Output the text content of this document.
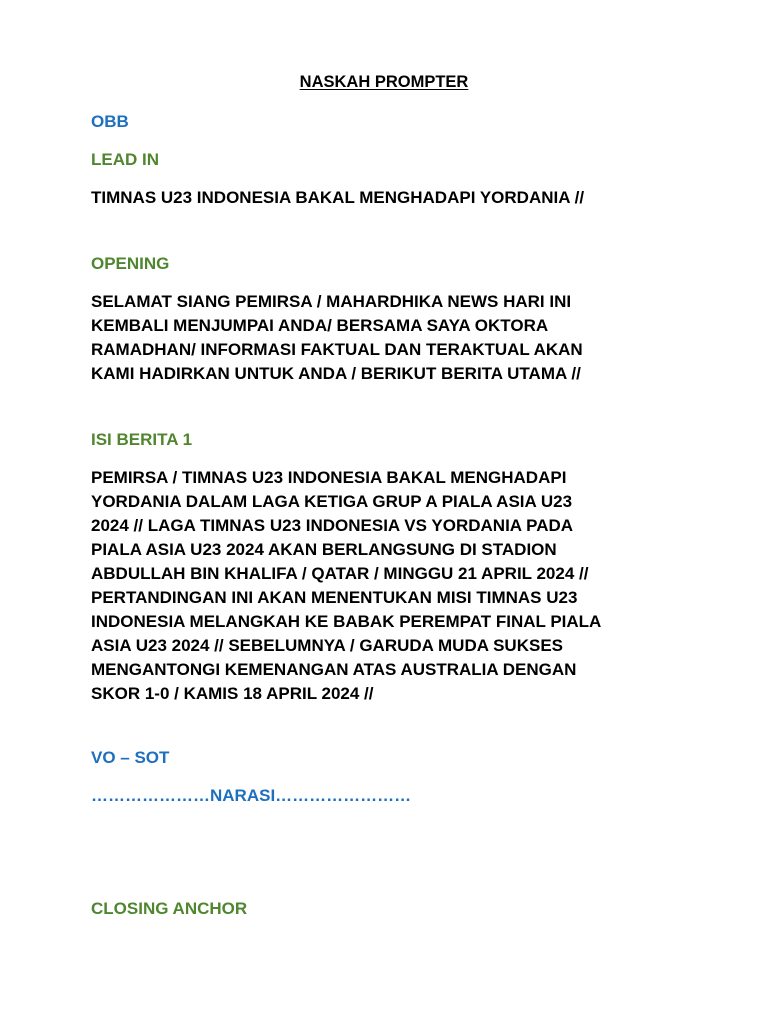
NASKAH PROMPTER
OBB
LEAD IN
TIMNAS U23 INDONESIA BAKAL MENGHADAPI YORDANIA //
OPENING
SELAMAT SIANG PEMIRSA / MAHARDHIKA NEWS HARI INI
KEMBALI MENJUMPAI ANDA/ BERSAMA SAYA OKTORA
RAMADHAN/ INFORMASI FAKTUAL DAN TERAKTUAL AKAN
KAMI HADIRKAN UNTUK ANDA / BERIKUT BERITA UTAMA //
ISI BERITA 1
PEMIRSA / TIMNAS U23 INDONESIA BAKAL MENGHADAPI
YORDANIA DALAM LAGA KETIGA GRUP A PIALA ASIA U23
2024 // LAGA TIMNAS U23 INDONESIA VS YORDANIA PADA
PIALA ASIA U23 2024 AKAN BERLANGSUNG DI STADION
ABDULLAH BIN KHALIFA / QATAR / MINGGU 21 APRIL 2024 //
PERTANDINGAN INI AKAN MENENTUKAN MISI TIMNAS U23
INDONESIA MELANGKAH KE BABAK PEREMPAT FINAL PIALA
ASIA U23 2024 // SEBELUMNYA / GARUDA MUDA SUKSES
MENGANTONGI KEMENANGAN ATAS AUSTRALIA DENGAN
SKOR 1-0 / KAMIS 18 APRIL 2024 //
VO – SOT
…………………NARASI……………………
CLOSING ANCHOR
